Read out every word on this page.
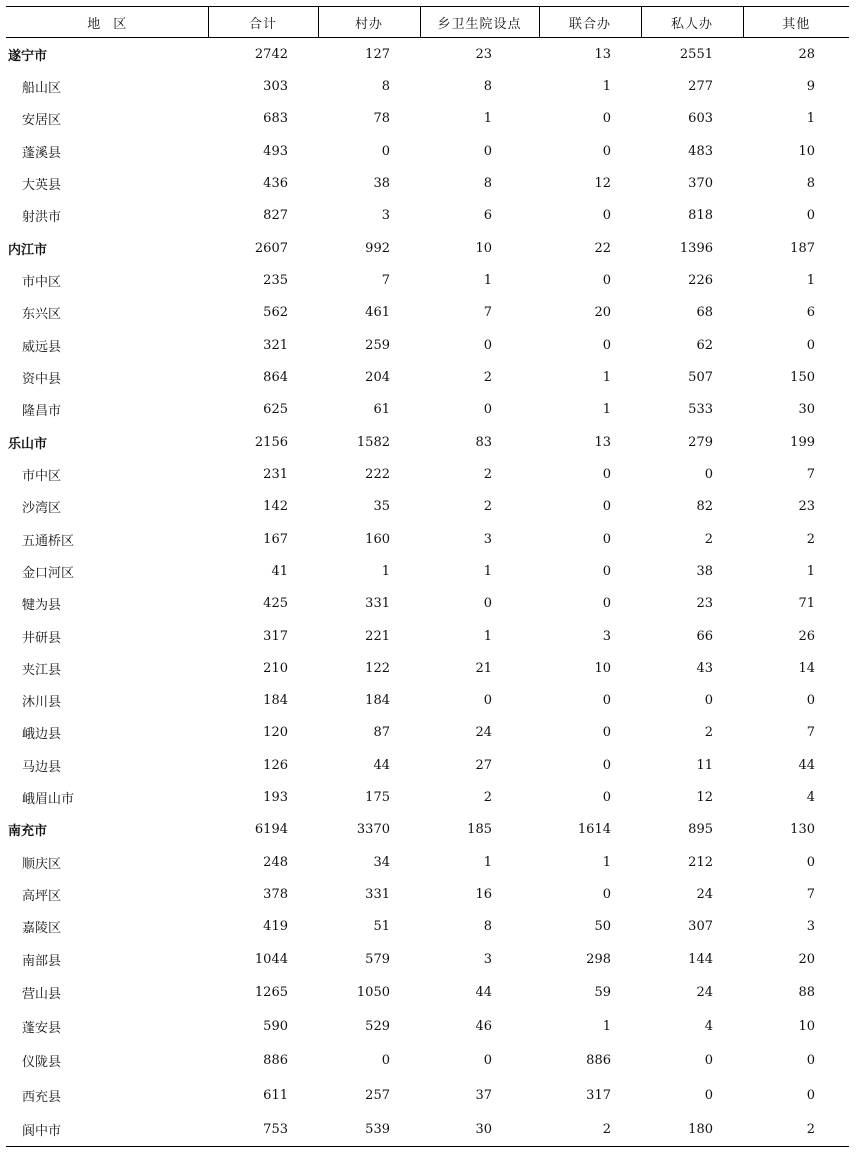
地　区	合计	村办	乡卫生院设点	联合办	私人办	其他
遂宁市	2742	127	23	13	2551	28
船山区	303	8	8	1	277	9
安居区	683	78	1	0	603	1
蓬溪县	493	0	0	0	483	10
大英县	436	38	8	12	370	8
射洪市	827	3	6	0	818	0
内江市	2607	992	10	22	1396	187
市中区	235	7	1	0	226	1
东兴区	562	461	7	20	68	6
威远县	321	259	0	0	62	0
资中县	864	204	2	1	507	150
隆昌市	625	61	0	1	533	30
乐山市	2156	1582	83	13	279	199
市中区	231	222	2	0	0	7
沙湾区	142	35	2	0	82	23
五通桥区	167	160	3	0	2	2
金口河区	41	1	1	0	38	1
犍为县	425	331	0	0	23	71
井研县	317	221	1	3	66	26
夹江县	210	122	21	10	43	14
沐川县	184	184	0	0	0	0
峨边县	120	87	24	0	2	7
马边县	126	44	27	0	11	44
峨眉山市	193	175	2	0	12	4
南充市	6194	3370	185	1614	895	130
顺庆区	248	34	1	1	212	0
高坪区	378	331	16	0	24	7
嘉陵区	419	51	8	50	307	3
南部县	1044	579	3	298	144	20
营山县	1265	1050	44	59	24	88
蓬安县	590	529	46	1	4	10
仪陇县	886	0	0	886	0	0
西充县	611	257	37	317	0	0
阆中市	753	539	30	2	180	2
